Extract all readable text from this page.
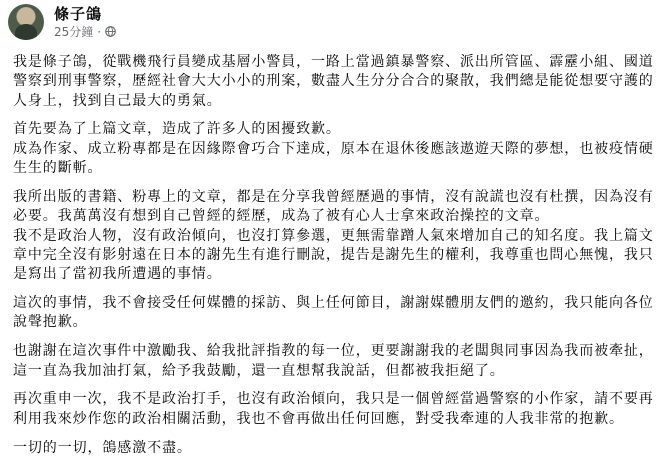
條子鴿
25分鐘 ·

我是條子鴿，從戰機飛行員變成基層小警員，一路上當過鎮暴警察、派出所管區、霹靂小組、國道
警察到刑事警察，歷經社會大大小小的刑案，數盡人生分分合合的聚散，我們總是能從想要守護的
人身上，找到自己最大的勇氣。

首先要為了上篇文章，造成了許多人的困擾致歉。
成為作家、成立粉專都是在因緣際會巧合下達成，原本在退休後應該遨遊天際的夢想，也被疫情硬
生生的斷斬。

我所出版的書籍、粉專上的文章，都是在分享我曾經歷過的事情，沒有說謊也沒有杜撰，因為沒有
必要。我萬萬沒有想到自己曾經的經歷，成為了被有心人士拿來政治操控的文章。
我不是政治人物，沒有政治傾向，也沒打算參選，更無需靠蹭人氣來增加自己的知名度。我上篇文
章中完全沒有影射遠在日本的謝先生有進行刪說，提告是謝先生的權利，我尊重也問心無愧，我只
是寫出了當初我所遭遇的事情。

這次的事情，我不會接受任何媒體的採訪、與上任何節目，謝謝媒體朋友們的邀約，我只能向各位
說聲抱歉。

也謝謝在這次事件中激勵我、給我批評指教的每一位，更要謝謝我的老闆與同事因為我而被牽扯，
這一直為我加油打氣，給予我鼓勵，還一直想幫我說話，但都被我拒絕了。

再次重申一次，我不是政治打手，也沒有政治傾向，我只是一個曾經當過警察的小作家，請不要再
利用我來炒作您的政治相關活動，我也不會再做出任何回應，對受我牽連的人我非常的抱歉。

一切的一切，鴿感激不盡。
